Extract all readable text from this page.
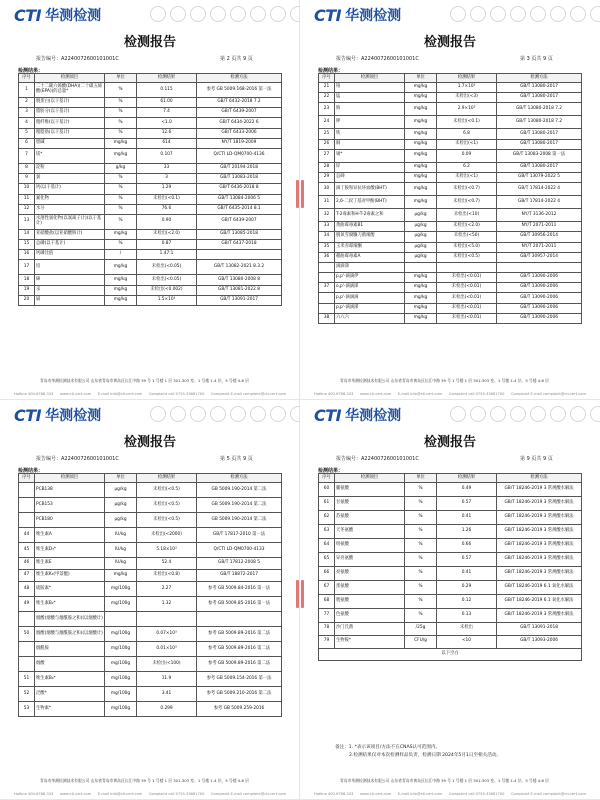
CTI 华测检测
检测报告
报告编号：A2240072600101001C	第 2 页共 9 页
检测结果：
序号	检测项目	单位	检测结果	检测方法
1	二十二碳六烯酸(DHA)(二十碳五烯酸(EPA))的总量*	%	0.115	参考 GB 5009.168-2016 第一法
2	脱蛋白(以干基计)	%	61.00	GB/T 6432-2018 7.2
3	脂肪分(以干基计)	%	7.4	GB/T 6439-2007
4	粗纤维(以干基计)	%	<1.0	GB/T 6434-2022 6
5	粗脂肪(以干基计)	%	12.6	GB/T 6433-2006
6	胆碱	mg/kg	614	NY/T 1819-2009
7	镁*	mg/kg	0.107	Q/CTI LD-QM0700-4136
8	淀粉	g/kg	33	GB/T 20194-2018
9	氯	%	3	GB/T 13083-2018
10	钙(以干基计)	%	1.29	GB/T 6436-2018 8
11	氟化物	%	未检出(<0.1)	GB/T 13084-2006 5
12	水分	%	76.6	GB/T 6435-2014 8.1
13	水溶性氯化物(以氯离子计)(以干基计)	%	0.90	GB/T 6439-2007
14	亚硝酸盐(以亚硝酸钠计)	mg/kg	未检出(<2.0)	GB/T 13085-2018
15	总磷(以干基计)	%	0.87	GB/T 6437-2018
16	钙磷比值	/	1.47:1	
17	铅	mg/kg	未检出(<0.05)	GB/T 13082-2021 8.3.2
18	砷	mg/kg	未检出(<0.05)	GB/T 13080-2008 8
19	汞	mg/kg	未检出(<0.002)	GB/T 13081-2022 8
20	镉	mg/kg	1.5×10³	GB/T 13091-2017
青岛市华测检测技术有限公司 山东省青岛市黄岛区长江中路 39 号 1 号楼 1 层 301-303 室、1 号楼 1-4 层、5 号楼 4-6 层
Hotline 400-6788-333 www.cti-cert.com E-mail info@cti-cert.com Complaint call 0755-33681700 Complaint E-mail complaint@cti-cert.com
CTI 华测检测
检测报告
报告编号：A2240072600101001C	第 3 页共 9 页
检测结果：
序号	检测项目	单位	检测结果	检测方法
21	铬	mg/kg	1.7×10³	GB/T 13080-2017
22	锰	mg/kg	未检出(<3)	GB/T 13080-2017
23	钠	mg/kg	2.9×10³	GB/T 13080-2018 7.2
24	钾	mg/kg	未检出(<0.1)	GB/T 13080-2018 7.2
25	铁	mg/kg	6.8	GB/T 13080-2017
26	铜	mg/kg	未检出(<1)	GB/T 13080-2017
27	锡*	mg/kg	0.09	GB/T 13083-2008 第一法
28	锌	mg/kg	6.2	GB/T 13080-2017
29	总砷	mg/kg	未检出(<1)	GB/T 13079-2022 5
30	滴丁胺和异抗坏血酸(BHT)	mg/kg	未检出(<0.7)	GB/T 17814-2022 4
31	2,6-二叔丁基对甲酚(BHT)	mg/kg	未检出(<0.7)	GB/T 17814-2022 4
32	T-2毒素和H-T-2毒素之和	μg/kg	未检出(<10)	NY/T 3136-2012
33	黄曲霉毒素B1	μg/kg	未检出(<2.0)	NY/T 2071-2011
34	脱氧雪腐镰刀菌烯醇	μg/kg	未检出(<50)	GB/T 30956-2014
35	玉米赤霉烯酮	μg/kg	未检出(<5.0)	NY/T 2071-2011
36	赭曲霉毒素A	μg/kg	未检出(<0.5)	GB/T 30957-2014
	滴滴涕			
	p,p'-滴滴伊	mg/kg	未检出(<0.01)	GB/T 13090-2006
37	o,p'-滴滴涕	mg/kg	未检出(<0.01)	GB/T 13090-2006
	p,p'-滴滴滴	mg/kg	未检出(<0.01)	GB/T 13090-2006
	p,p'-滴滴涕	mg/kg	未检出(<0.01)	GB/T 13090-2006
38	六六六	mg/kg	未检出(<0.01)	GB/T 13090-2006
青岛市华测检测技术有限公司 山东省青岛市黄岛区长江中路 39 号 1 号楼 1 层 301-303 室、1 号楼 1-4 层、5 号楼 4-6 层
Hotline 400-6788-333 www.cti-cert.com E-mail info@cti-cert.com Complaint call 0755-33681700 Complaint E-mail complaint@cti-cert.com
CTI 华测检测
检测报告
报告编号：A2240072600101001C	第 5 页共 9 页
检测结果：
序号	检测项目	单位	检测结果	检测方法
	PCB138	μg/kg	未检出(<0.5)	GB 5009.190-2014 第二法
	PCB153	μg/kg	未检出(<0.5)	GB 5009.190-2014 第二法
	PCB180	μg/kg	未检出(<0.5)	GB 5009.190-2014 第二法
44	维生素A	IU/kg	未检出(<2000)	GB/T 17817-2010 第一法
45	维生素D₃*	IU/kg	5.18×10³	Q/CTI LD-QM0700-4133
46	维生素E	IU/kg	52.4	GB/T 17812-2008 5
47	维生素K₃(甲萘醌)	mg/kg	未检出(<0.8)	GB/T 18872-2017
48	硫胺素*	mg/100g	2.27	参考 GB 5009.84-2016 第一法
49	维生素B₂*	mg/100g	1.32	参考 GB 5009.85-2016 第一法
	烟酸(烟酸与烟酰胺之和)(以烟酸计)			
50	烟酸(烟酸与烟酰胺之和)(以烟酸计)	mg/100g	0.07×10³	参考 GB 5009.89-2016 第二法
	烟酰胺	mg/100g	0.01×10³	参考 GB 5009.89-2016 第二法
	烟酸	mg/100g	未检出(<100)	参考 GB 5009.89-2016 第二法
51	维生素B₆*	mg/100g	11.9	参考 GB 5009.154-2016 第一法
52	泛酸*	mg/100g	3.41	参考 GB 5009.210-2016 第二法
53	生物素*	mg/100g	0.299	参考 GB 5009.259-2016
青岛市华测检测技术有限公司 山东省青岛市黄岛区长江中路 39 号 1 号楼 1 层 301-303 室、1 号楼 1-4 层、5 号楼 4-6 层
Hotline 400-6788-333 www.cti-cert.com E-mail info@cti-cert.com Complaint call 0755-33681700 Complaint E-mail complaint@cti-cert.com
CTI 华测检测
检测报告
报告编号：A2240072600101001C	第 9 页共 9 页
检测结果：
序号	检测项目	单位	检测结果	检测方法
60	脯氨酸	%	0.49	GB/T 18246-2019 3 常规酸水解法
61	甘氨酸	%	0.57	GB/T 18246-2019 3 常规酸水解法
62	苏氨酸	%	0.41	GB/T 18246-2019 3 常规酸水解法
63	天冬氨酸	%	1.26	GB/T 18246-2019 3 常规酸水解法
64	组氨酸	%	0.66	GB/T 18246-2019 3 常规酸水解法
65	异亮氨酸	%	0.57	GB/T 18246-2019 3 常规酸水解法
66	亮氨酸	%	0.41	GB/T 18246-2019 3 常规酸水解法
67	蛋氨酸	%	0.29	GB/T 18246-2019 6.1 氧化水解法
68	胱氨酸	%	0.12	GB/T 18246-2019 6.1 氧化水解法
77	色氨酸	%	0.13	GB/T 18246-2019 3 常规酸水解法
78	沙门氏菌	/25g	未检出	GB/T 13091-2018
79	生物胺*	CFU/g	<10	GB/T 13093-2006
以下空白				
备注：1. *表示该项目/方法不在CNAS认可范围内。
2.检测结果仅对本次检测样品负责，检测日期 2024年5月1日至相关活动。
青岛市华测检测技术有限公司 山东省青岛市黄岛区长江中路 39 号 1 号楼 1 层 301-303 室、1 号楼 1-4 层、5 号楼 4-6 层
Hotline 400-6788-333 www.cti-cert.com E-mail info@cti-cert.com Complaint call 0755-33681700 Complaint E-mail complaint@cti-cert.com
